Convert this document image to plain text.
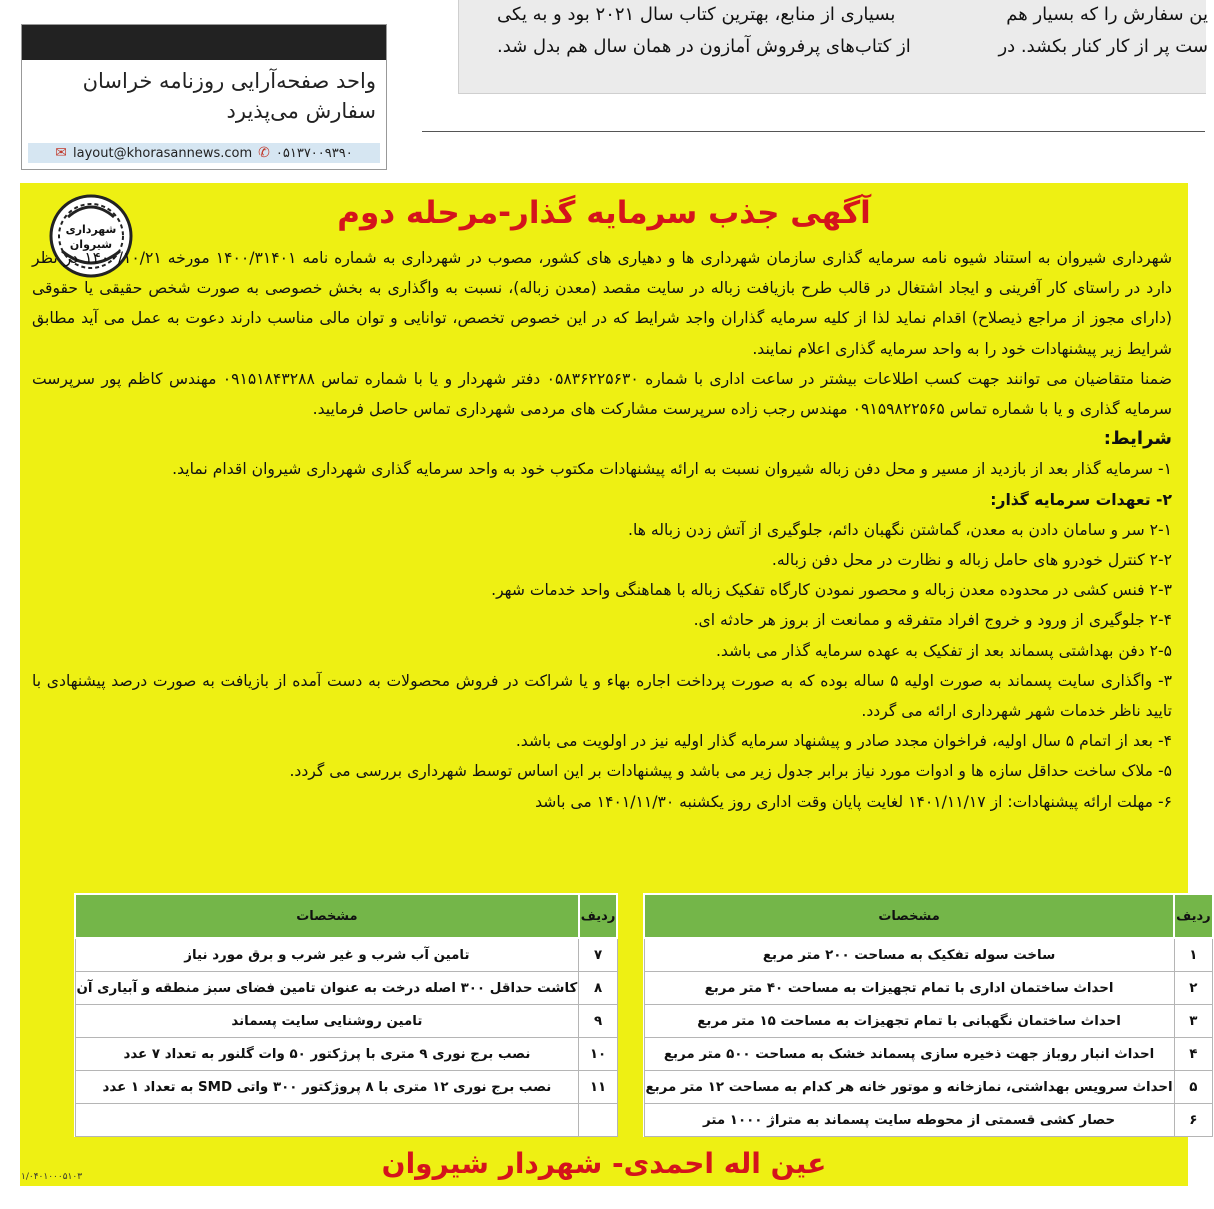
ین سفارش را که بسیار هم
ست پر از کار کنار بکشد. در
بسیاری از منابع، بهترین کتاب سال ۲۰۲۱ بود و به یکی
از کتاب‌های پرفروش آمازون در همان سال هم بدل شد.
واحد صفحه‌آرایی روزنامه خراسان
سفارش می‌پذیرد
✉ layout@khorasannews.com ✆ ۰۵۱۳۷۰۰۹۳۹۰
شهرداری
شیروان
آگهی جذب سرمایه گذار-مرحله دوم

شهرداری شیروان به استناد شیوه نامه سرمایه گذاری سازمان شهرداری ها و دهیاری های کشور، مصوب در شهرداری به شماره نامه ۱۴۰۰/۳۱۴۰۱ مورخه ۱۴۰۰/۱۰/۲۱ در نظر دارد در راستای کار آفرینی و ایجاد اشتغال در قالب طرح بازیافت زباله در سایت مقصد (معدن زباله)، نسبت به واگذاری به بخش خصوصی به صورت شخص حقیقی یا حقوقی (دارای مجوز از مراجع ذیصلاح) اقدام نماید لذا از کلیه سرمایه گذاران واجد شرایط که در این خصوص تخصص، توانایی و توان مالی مناسب دارند دعوت به عمل می آید مطابق شرایط زیر پیشنهادات خود را به واحد سرمایه گذاری اعلام نمایند.

ضمنا متقاضیان می توانند جهت کسب اطلاعات بیشتر در ساعت اداری با شماره ۰۵۸۳۶۲۲۵۶۳۰ دفتر شهردار و یا با شماره تماس ۰۹۱۵۱۸۴۳۲۸۸ مهندس کاظم پور سرپرست سرمایه گذاری و یا با شماره تماس ۰۹۱۵۹۸۲۲۵۶۵ مهندس رجب زاده سرپرست مشارکت های مردمی شهرداری تماس حاصل فرمایید.

شرایط:

۱- سرمایه گذار بعد از بازدید از مسیر و محل دفن زباله شیروان نسبت به ارائه پیشنهادات مکتوب خود به واحد سرمایه گذاری شهرداری شیروان اقدام نماید.

۲- تعهدات سرمایه گذار:

۲-۱ سر و سامان دادن به معدن، گماشتن نگهبان دائم، جلوگیری از آتش زدن زباله ها.

۲-۲ کنترل خودرو های حامل زباله و نظارت در محل دفن زباله.

۲-۳ فنس کشی در محدوده معدن زباله و محصور نمودن کارگاه تفکیک زباله با هماهنگی واحد خدمات شهر.

۲-۴ جلوگیری از ورود و خروج افراد متفرقه و ممانعت از بروز هر حادثه ای.

۲-۵ دفن بهداشتی پسماند بعد از تفکیک به عهده سرمایه گذار می باشد.

۳- واگذاری سایت پسماند به صورت اولیه ۵ ساله بوده که به صورت پرداخت اجاره بهاء و یا شراکت در فروش محصولات به دست آمده از بازیافت به صورت درصد پیشنهادی با تایید ناظر خدمات شهر شهرداری ارائه می گردد.

۴- بعد از اتمام ۵ سال اولیه، فراخوان مجدد صادر و پیشنهاد سرمایه گذار اولیه نیز در اولویت می باشد.

۵- ملاک ساخت حداقل سازه ها و ادوات مورد نیاز برابر جدول زیر می باشد و پیشنهادات بر این اساس توسط شهرداری بررسی می گردد.

۶- مهلت ارائه پیشنهادات: از ۱۴۰۱/۱۱/۱۷ لغایت پایان وقت اداری روز یکشنبه ۱۴۰۱/۱۱/۳۰ می باشد

ردیف	مشخصات
۱	ساخت سوله تفکیک به مساحت ۲۰۰ متر مربع
۲	احداث ساختمان اداری با تمام تجهیزات به مساحت ۴۰ متر مربع
۳	احداث ساختمان نگهبانی با تمام تجهیزات به مساحت ۱۵ متر مربع
۴	احداث انبار روباز جهت ذخیره سازی پسماند خشک به مساحت ۵۰۰ متر مربع
۵	احداث سرویس بهداشتی، نمازخانه و موتور خانه هر کدام به مساحت ۱۲ متر مربع
۶	حصار کشی قسمتی از محوطه سایت پسماند به متراژ ۱۰۰۰ متر
ردیف	مشخصات
۷	تامین آب شرب و غیر شرب و برق مورد نیاز
۸	کاشت حداقل ۳۰۰ اصله درخت به عنوان تامین فضای سبز منطقه و آبیاری آن
۹	تامین روشنایی سایت پسماند
۱۰	نصب برج نوری ۹ متری با پرژکتور ۵۰ وات گلنور به تعداد ۷ عدد
۱۱	نصب برج نوری ۱۲ متری با ۸ پروژکتور ۳۰۰ واتی SMD به تعداد ۱ عدد

عین اله احمدی- شهردار شیروان
۱/۰۴۰۱۰۰۰۵۱۰۳
